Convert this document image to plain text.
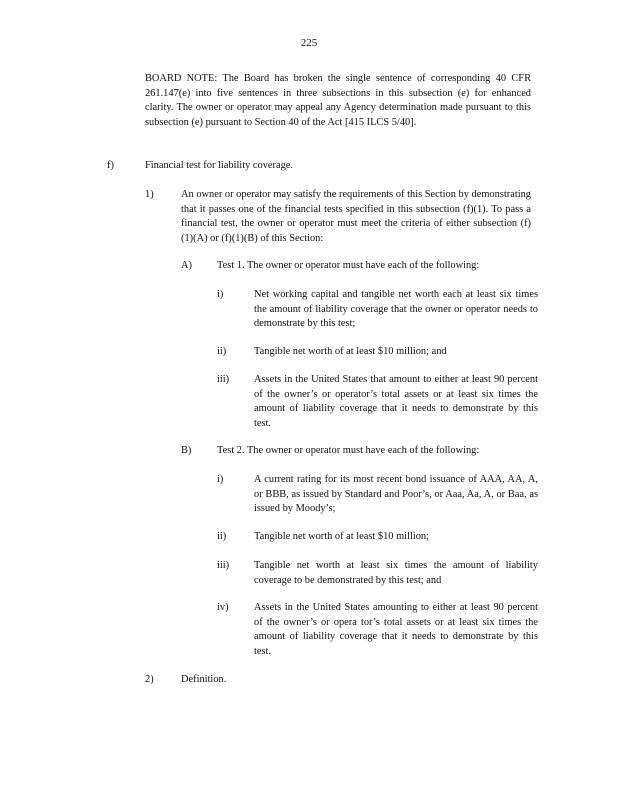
225
BOARD NOTE: The Board has broken the single sentence of corresponding 40 CFR 261.147(e) into five sentences in three subsections in this subsection (e) for enhanced clarity. The owner or operator may appeal any Agency determination made pursuant to this subsection (e) pursuant to Section 40 of the Act [415 ILCS 5/40].
f)	Financial test for liability coverage.
1)	An owner or operator may satisfy the requirements of this Section by demonstrating that it passes one of the financial tests specified in this subsection (f)(1). To pass a financial test, the owner or operator must meet the criteria of either subsection (f)(1)(A) or (f)(1)(B) of this Section:
A) Test 1. The owner or operator must have each of the following:
i)	Net working capital and tangible net worth each at least six times the amount of liability coverage that the owner or operator needs to demonstrate by this test;
ii)	Tangible net worth of at least $10 million; and
iii) Assets in the United States that amount to either at least 90 percent of the owner’s or operator’s total assets or at least six times the amount of liability coverage that it needs to demonstrate by this test.
B) Test 2. The owner or operator must have each of the following:
i)	A current rating for its most recent bond issuance of AAA, AA, A, or BBB, as issued by Standard and Poor’s, or Aaa, Aa, A, or Baa, as issued by Moody’s;
ii)	Tangible net worth of at least $10 million;
iii) Tangible net worth at least six times the amount of liability coverage to be demonstrated by this test; and
iv) Assets in the United States amounting to either at least 90 percent of the owner’s or opera tor’s total assets or at least six times the amount of liability coverage that it needs to demonstrate by this test.
2)	Definition.
